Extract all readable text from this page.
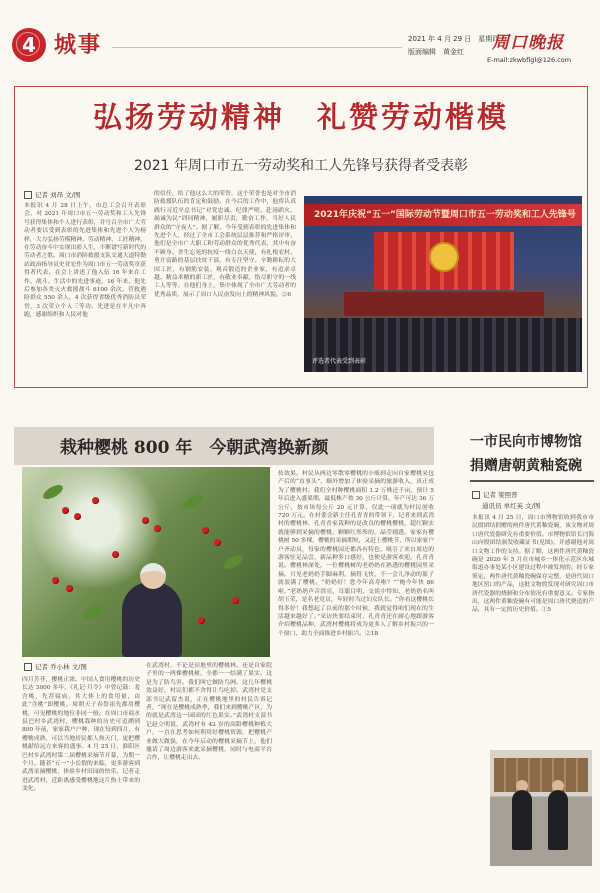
4 城事	2021 年 4 月 29 日　星期四
版面编辑　黄金红	周口晚报
E-mail:zkwbflgl@126.com
弘扬劳动精神　礼赞劳动楷模
2021 年周口市五一劳动奖和工人先锋号获得者受表彰
记者 刘昂 文/图
本报讯 4 月 28 日上午，市总工会召开表彰会，对 2021 年周口市五一劳动奖和工人先锋号获得集体和个人进行表彰，并号召全市广大劳动者要以受到表彰的先进集体和先进个人为榜样，大力弘扬劳模精神、劳动精神、工匠精神，在劳动奋斗中实现出彩人生，不断谱写新时代的劳动者之歌。周口市消防救援支队交通大道特勤站政治指导员史亚宏作为周口市五一劳动奖章获得者代表，在会上讲述了他入伍 16 年来在工作、战斗、生活中的先进事迹，16 年来，他先后参加各类灭火救援战斗 6100 余次，营救遇险群众 550 余人，4 次获得省级优秀消防员荣誉，3 次荣立个人三等功。先进是在平凡中奔跑，感谢组织和人民对他
的信任，给了他这么大的荣誉，这个荣誉也是对全市消防救援队伍的肯定和鼓励。在今后的工作中，他将认真践行习近平总书记“对党忠诚、纪律严明、赴汤蹈火、竭诚为民”训词精神，履职尽责，勤奋工作，当好人民群众的“守夜人”。据了解，今年受到表彰的先进集体和先进个人，经过了全市工会系统层层推荐和严格评审。他们是全市广大职工和劳动群众的优秀代表，其中有奋不顾身、舍生忘死的抗疫一线白衣天使，有扎根农村、勇开富路的基层扶贫干部，有专注坚守、辛勤耕耘的大国工匠，有钢筋安装、观音锻造的企业家，有追求卓越、精益求精的新工匠，有敬业奉献、恪尽职守的一线工人等等。在他们身上，集中体现了全市广大劳动者的优秀品质，展示了周口人民奋发向上的精神风貌。②6
2021年庆祝“五一”国际劳动节暨周口市五一劳动奖和工人先锋号
评选者代表受到表彰
栽种樱桃 800 年　今朝武湾换新颜
记者 乔小林 文/图
四月芳菲，樱桃正浓。中国人食用樱桃的历史长达 3000 多年，《礼记·月令》中曾记载：羞含桃，先荐寝庙。其大体上的食用量，由此“含桃”即樱桃，周朝天子春祭祖先都用樱桃，可见樱桃的地位非同一般。在周口市商水县巴村乡武湾村，樱桃栽种的历史可追溯到 800 年前，家家栽户户种，现在每到四月，有樱桃成熟，可以当地居民都人热天门，更把樱桃献给远方来客的盛事。4 月 25 日，淮阳区巴村乡武湾村第二届樱桃采摘节开幕，为期一个月。随着“五一”小长假的来临，更多游客到武湾采摘樱桃，体验乡村田园的快乐，记者走进武湾村，近距离感受樱桃地这片热土带来的变化。
在武湾村，不论是田地里的樱桃林，还是自家院子里的一两棵樱桃树，全都一一结满了果实。这是为了防鸟害。我们叫它做防鸟网。这几年樱桃效益好，村民们都不舍得让鸟吃掉。武湾村党支部书记武留杰说，正在樱桃地里的村民告诉记者，“现在是樱桃成熟季，我们来到樱桃产区，为的就是武湾这一园园的红色果实。”武湾村支部书记赵立明说，武湾村有 42 岁的高龄樱桃种植大户，一直在思考如何利用好樱桃资源，把樱桃产业做大做强，在今年启动的樱桃采摘节上，他们邀请了周边游客来此采摘樱桃，同时与电商平台合作，让樱桃走出去。
传效果。村民从两边零散零樱桃的小贩到走向自家樱桃采包产后的“直事头”，顺外增加了体验采摘的旅游收入，真正成为了樱桃村。我们全村种樱桃面积 1.2 万株还千亩，预计 5 年后进入盛果期，最低株产按 30 公斤计算，年产可达 36 万公斤，按市场每公斤 20 元计算，仅此一项就为村民创收 720 万元。在村委会新主任孔青青的带领下，记者来到武湾村的樱桃林，孔青青家栽种的是改良的樱桃樱桃，超红颗实就能够到采摘的樱桃，颗颗红彤彤的，晶莹剔透。家家有樱桃树 50 多棵，樱桃的采摘期短，又赶上樱桃节，所以家家户户齐动员，每家的樱桃园还都各有特色，吸引了来自周边的游客驻足品尝，新品种多口感好，也便是游客欢迎。孔青青说。樱桃林深处，一位樱桃树的老奶奶在熟透的樱桃园里采摘。只见老奶奶手脚麻利，摘得飞快，不一会儿净动的篮子就装满了樱桃。“奶奶好！您今年高寿啦？”“俺今年快 86 啦。”老奶奶声音洪亮，耳聪目明，交谈中得知，老奶奶名叫胡玉荣，是名老党员，年轻时当过妇女队长。“你看这樱桃长得多好！我想起了以前的那个时候，我就觉得咱们现在的生活越来越好了。”采访快要结束时，孔青青还在耐心地跟游客介绍樱桃品种，武湾村樱桃将成为更多人了解乡村振兴的一个窗口，助力全面推进乡村振兴。②18
一市民向市博物馆捐赠唐朝黄釉瓷碗
记者 梁照普
通讯员 单红英 文/图
本报讯 4 月 25 日，周口市博物馆收到我市市民殷团结捐赠的两件唐代黄釉瓷碗，该文物对周口唐代瓷器研究有重要价值。市博物馆馆长闫海山向殷团结颁发收藏证书(见图)，并感谢他对周口文物工作的支持。据了解，这两件唐代黄釉瓷碗是 2020 年 5 月在市城乡一体化示范区东城街道办事处某小区建设过程中被发现的。经专家鉴定，两件唐代黄釉瓷碗保存完整，是唐代周口地区窑口的产品，这批文物的发现对研究周口市唐代瓷器的烧制和分布情况有重要意义。专家指出，这两件黄釉瓷碗有可能是周口唐代烧造的产品，具有一定的历史价值。①5
